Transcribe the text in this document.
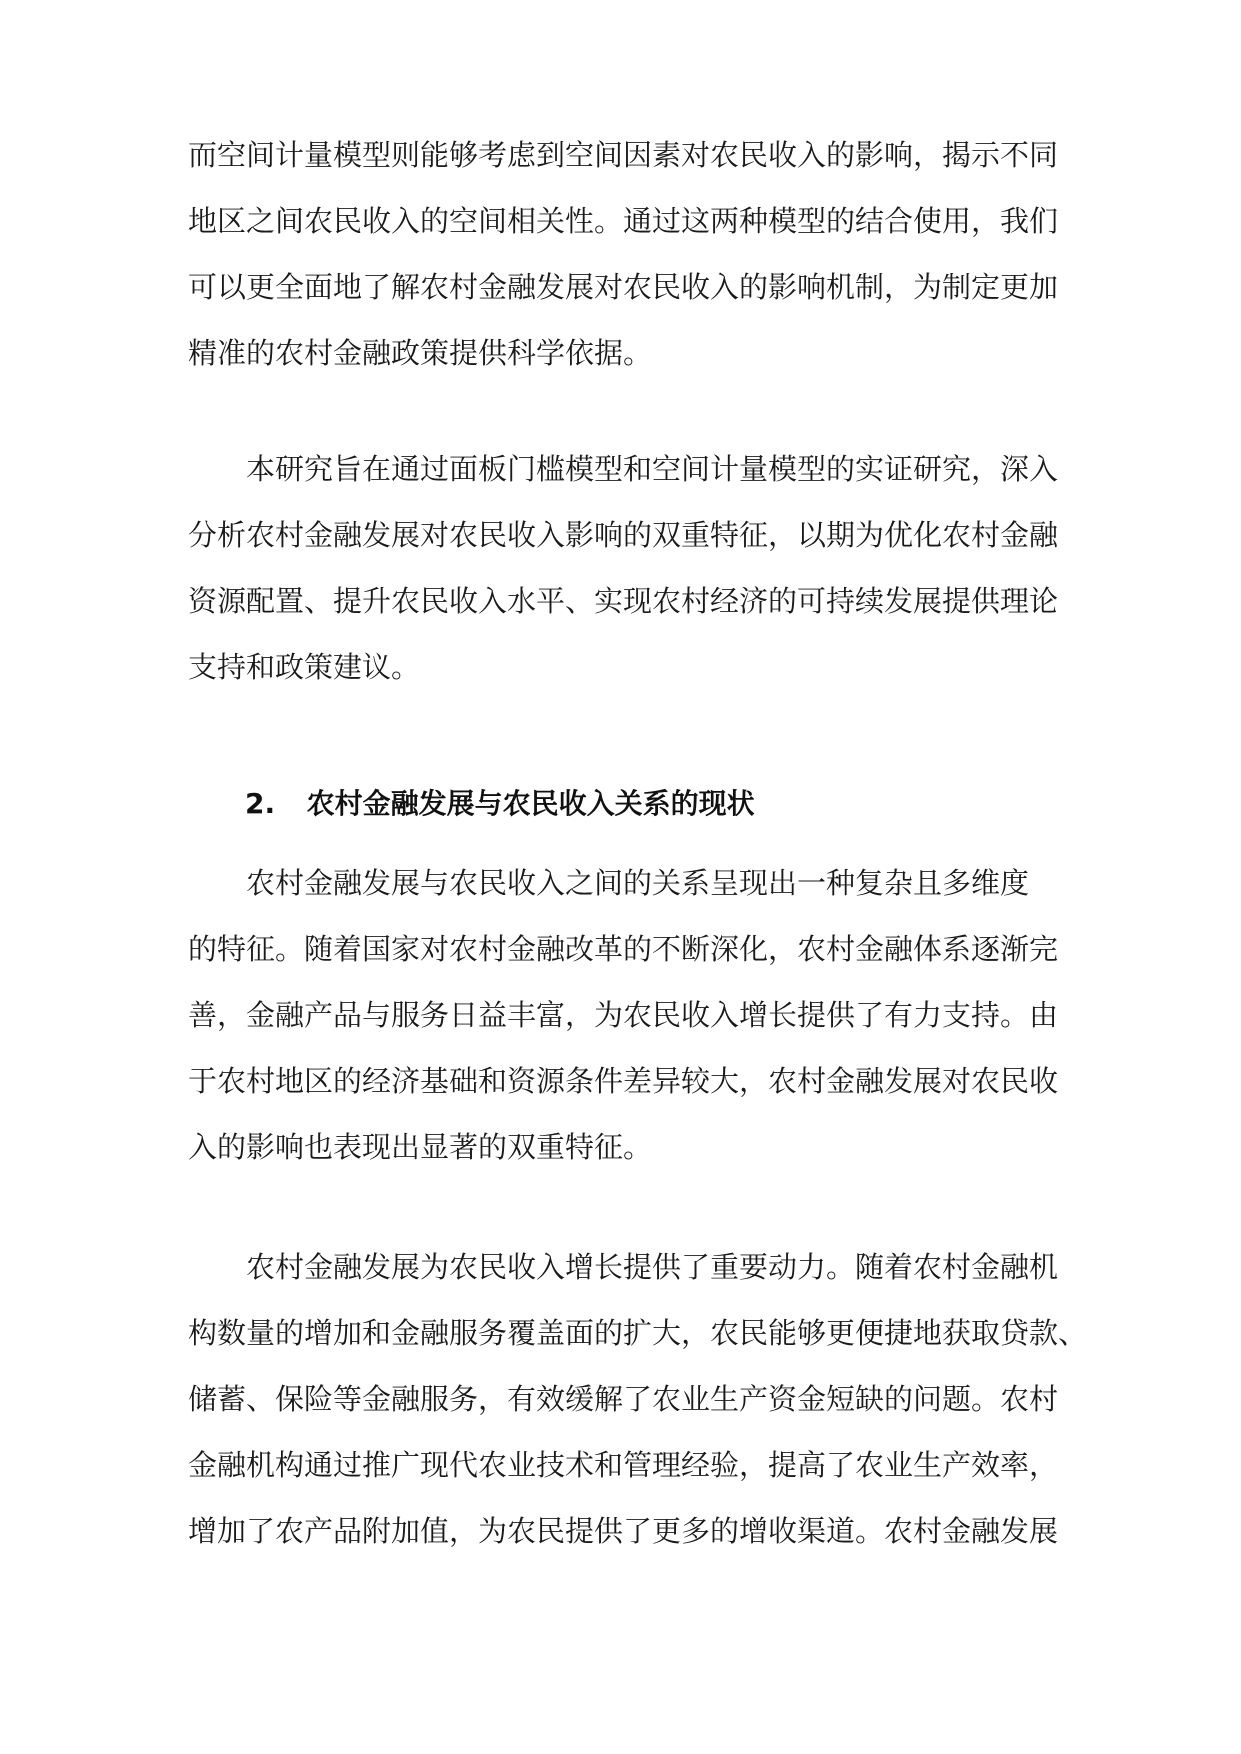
而空间计量模型则能够考虑到空间因素对农民收入的影响，揭示不同
地区之间农民收入的空间相关性。通过这两种模型的结合使用，我们
可以更全面地了解农村金融发展对农民收入的影响机制，为制定更加
精准的农村金融政策提供科学依据。
本研究旨在通过面板门槛模型和空间计量模型的实证研究，深入
分析农村金融发展对农民收入影响的双重特征，以期为优化农村金融
资源配置、提升农民收入水平、实现农村经济的可持续发展提供理论
支持和政策建议。
2. 农村金融发展与农民收入关系的现状
农村金融发展与农民收入之间的关系呈现出一种复杂且多维度
的特征。随着国家对农村金融改革的不断深化，农村金融体系逐渐完
善，金融产品与服务日益丰富，为农民收入增长提供了有力支持。由
于农村地区的经济基础和资源条件差异较大，农村金融发展对农民收
入的影响也表现出显著的双重特征。
农村金融发展为农民收入增长提供了重要动力。随着农村金融机
构数量的增加和金融服务覆盖面的扩大，农民能够更便捷地获取贷款、
储蓄、保险等金融服务，有效缓解了农业生产资金短缺的问题。农村
金融机构通过推广现代农业技术和管理经验，提高了农业生产效率，
增加了农产品附加值，为农民提供了更多的增收渠道。农村金融发展
